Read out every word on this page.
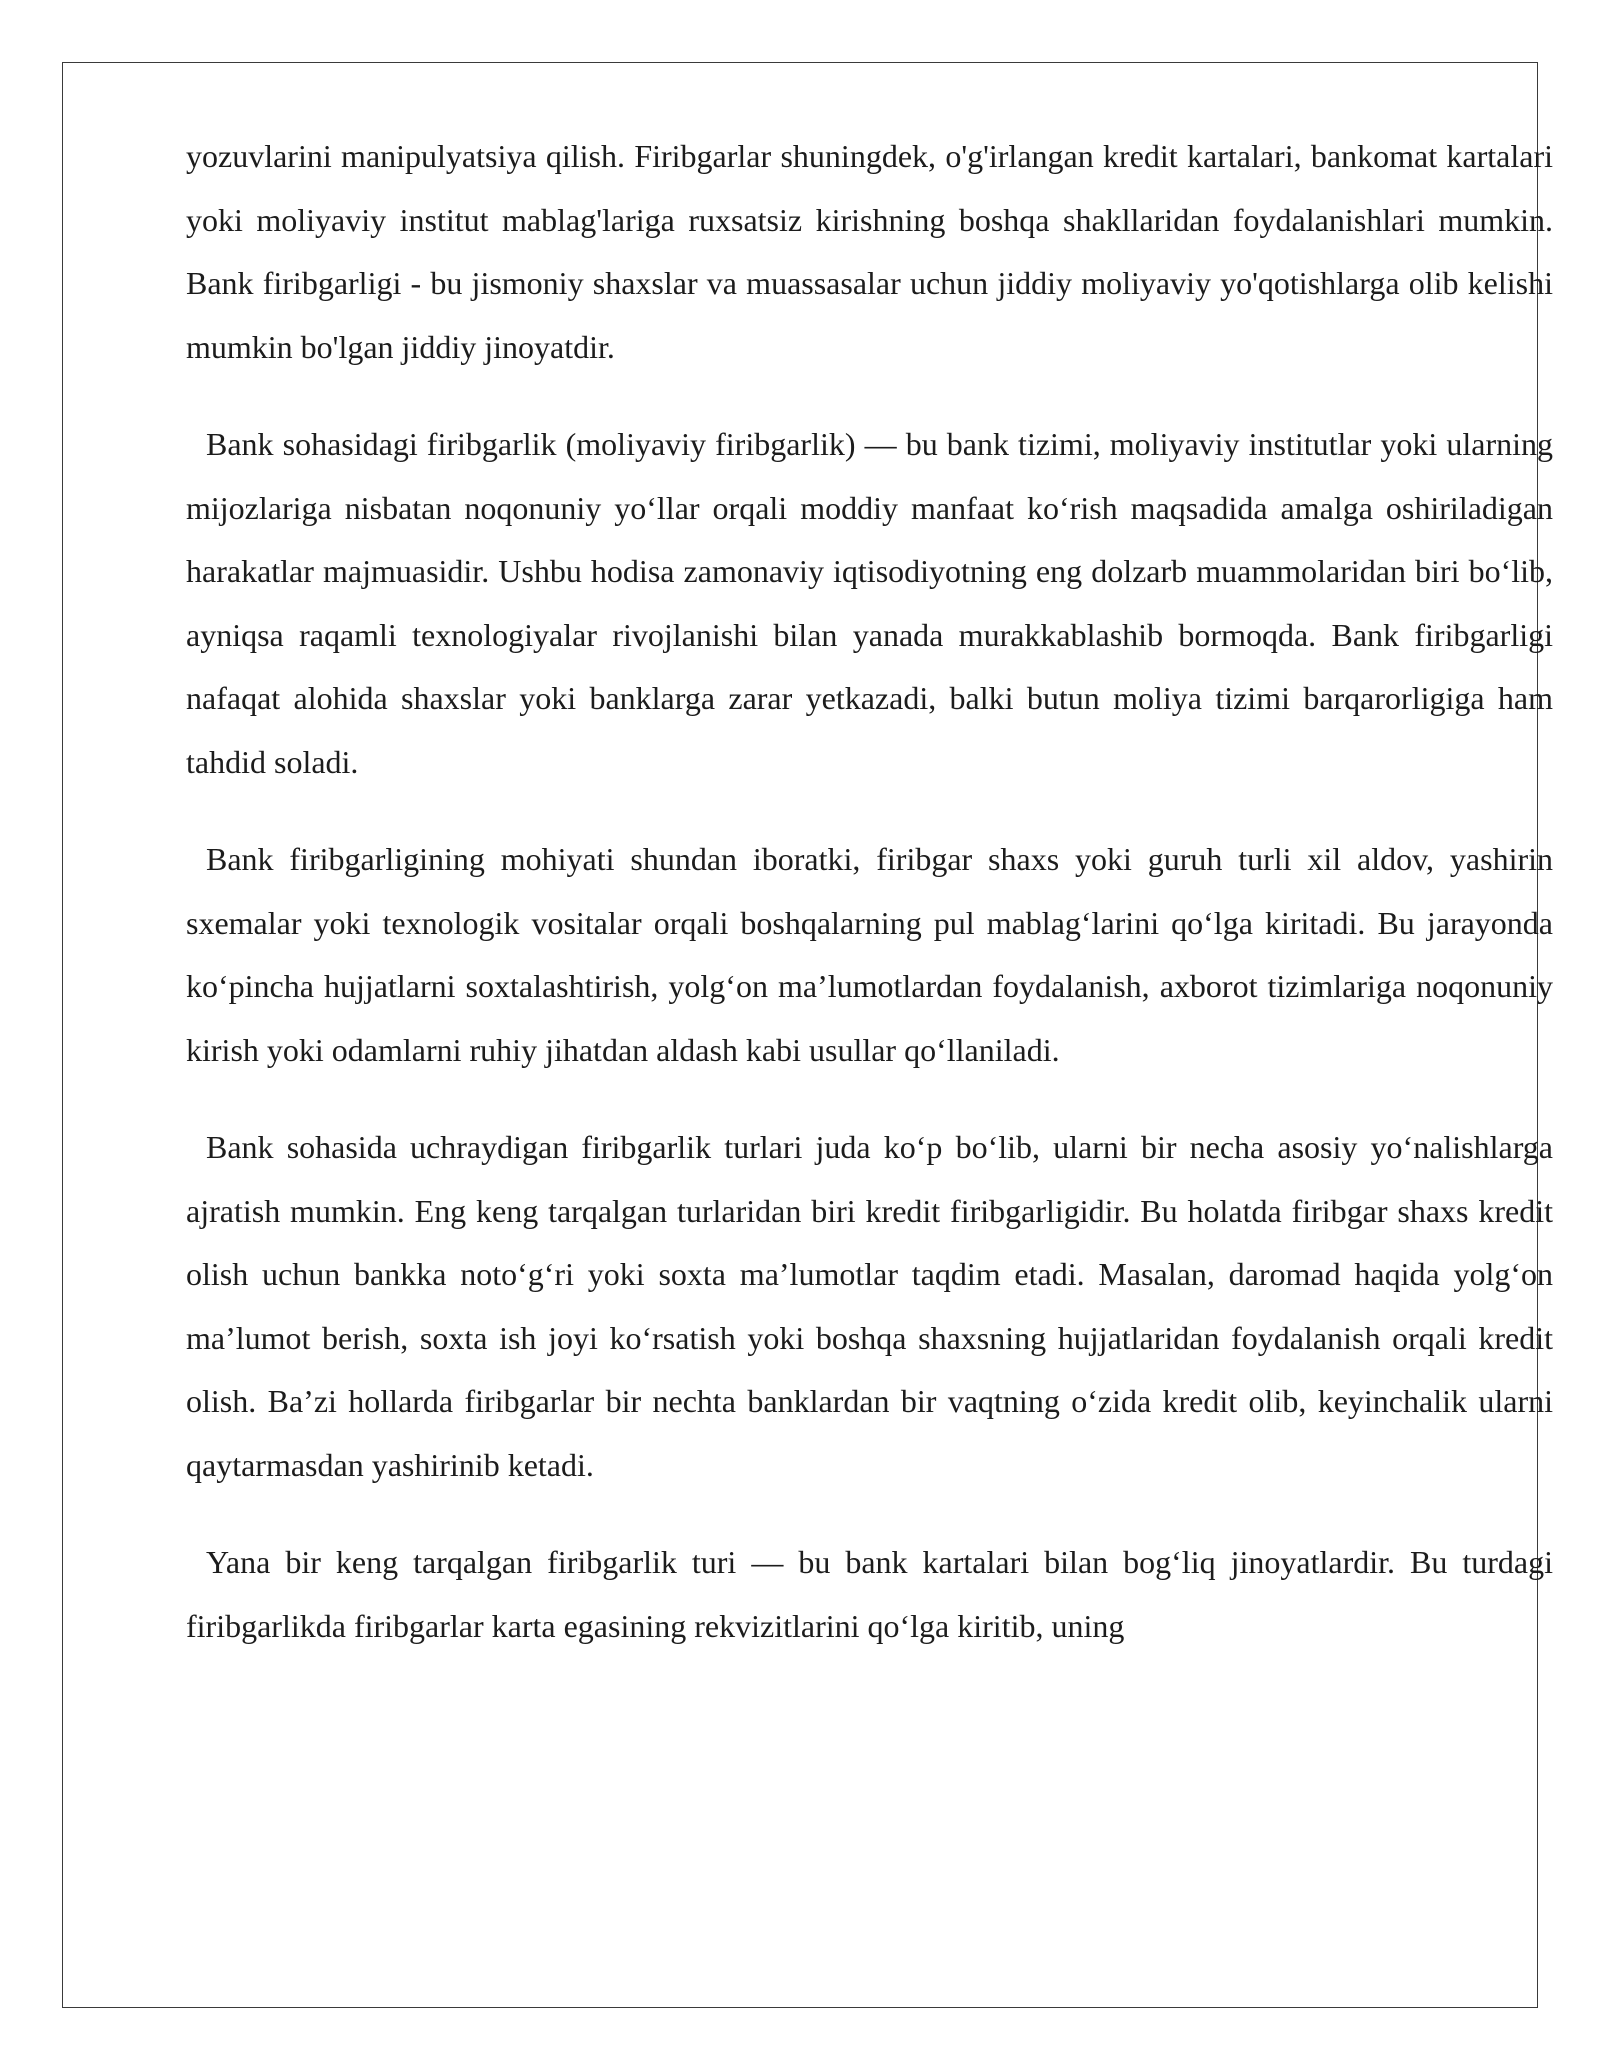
yozuvlarini manipulyatsiya qilish. Firibgarlar shuningdek, o'g'irlangan kredit kartalari, bankomat kartalari yoki moliyaviy institut mablag'lariga ruxsatsiz kirishning boshqa shakllaridan foydalanishlari mumkin. Bank firibgarligi - bu jismoniy shaxslar va muassasalar uchun jiddiy moliyaviy yo'qotishlarga olib kelishi mumkin bo'lgan jiddiy jinoyatdir.

Bank sohasidagi firibgarlik (moliyaviy firibgarlik) — bu bank tizimi, moliyaviy institutlar yoki ularning mijozlariga nisbatan noqonuniy yo‘llar orqali moddiy manfaat ko‘rish maqsadida amalga oshiriladigan harakatlar majmuasidir. Ushbu hodisa zamonaviy iqtisodiyotning eng dolzarb muammolaridan biri bo‘lib, ayniqsa raqamli texnologiyalar rivojlanishi bilan yanada murakkablashib bormoqda. Bank firibgarligi nafaqat alohida shaxslar yoki banklarga zarar yetkazadi, balki butun moliya tizimi barqarorligiga ham tahdid soladi.

Bank firibgarligining mohiyati shundan iboratki, firibgar shaxs yoki guruh turli xil aldov, yashirin sxemalar yoki texnologik vositalar orqali boshqalarning pul mablag‘larini qo‘lga kiritadi. Bu jarayonda ko‘pincha hujjatlarni soxtalashtirish, yolg‘on ma’lumotlardan foydalanish, axborot tizimlariga noqonuniy kirish yoki odamlarni ruhiy jihatdan aldash kabi usullar qo‘llaniladi.

Bank sohasida uchraydigan firibgarlik turlari juda ko‘p bo‘lib, ularni bir necha asosiy yo‘nalishlarga ajratish mumkin. Eng keng tarqalgan turlaridan biri kredit firibgarligidir. Bu holatda firibgar shaxs kredit olish uchun bankka noto‘g‘ri yoki soxta ma’lumotlar taqdim etadi. Masalan, daromad haqida yolg‘on ma’lumot berish, soxta ish joyi ko‘rsatish yoki boshqa shaxsning hujjatlaridan foydalanish orqali kredit olish. Ba’zi hollarda firibgarlar bir nechta banklardan bir vaqtning o‘zida kredit olib, keyinchalik ularni qaytarmasdan yashirinib ketadi.

Yana bir keng tarqalgan firibgarlik turi — bu bank kartalari bilan bog‘liq jinoyatlardir. Bu turdagi firibgarlikda firibgarlar karta egasining rekvizitlarini qo‘lga kiritib, uning
